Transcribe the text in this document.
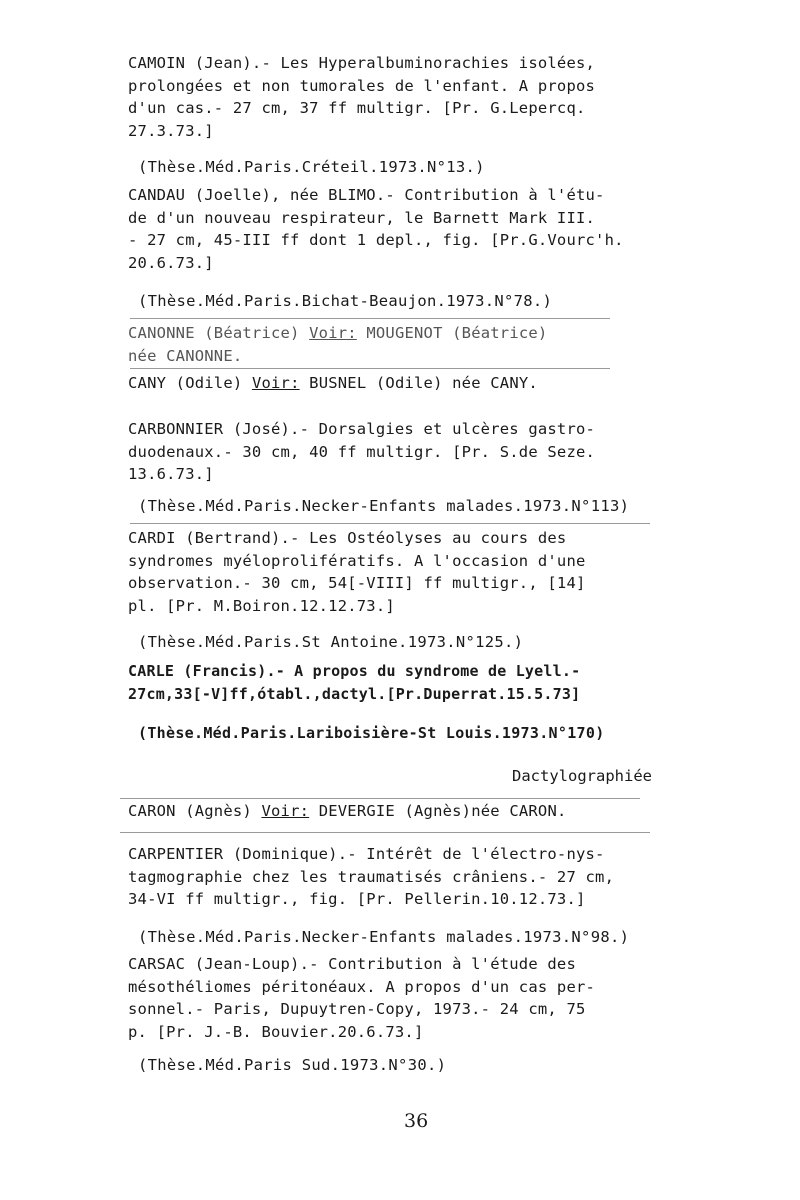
CAMOIN (Jean).- Les Hyperalbuminorachies isolées,
prolongées et non tumorales de l'enfant. A propos
d'un cas.- 27 cm, 37 ff multigr. [Pr. G.Lepercq.
27.3.73.]
(Thèse.Méd.Paris.Créteil.1973.N°13.)
CANDAU (Joelle), née BLIMO.- Contribution à l'étu-
de d'un nouveau respirateur, le Barnett Mark III.
- 27 cm, 45-III ff dont 1 depl., fig. [Pr.G.Vourc'h.
20.6.73.]
(Thèse.Méd.Paris.Bichat-Beaujon.1973.N°78.)
CANONNE (Béatrice) Voir: MOUGENOT (Béatrice)
née CANONNE.
CANY (Odile) Voir: BUSNEL (Odile) née CANY.
CARBONNIER (José).- Dorsalgies et ulcères gastro-
duodenaux.- 30 cm, 40 ff multigr. [Pr. S.de Seze.
13.6.73.]
(Thèse.Méd.Paris.Necker-Enfants malades.1973.N°113)
CARDI (Bertrand).- Les Ostéolyses au cours des
syndromes myéloprolifératifs. A l'occasion d'une
observation.- 30 cm, 54[-VIII] ff multigr., [14]
pl. [Pr. M.Boiron.12.12.73.]
(Thèse.Méd.Paris.St Antoine.1973.N°125.)
CARLE (Francis).- A propos du syndrome de Lyell.-
27cm,33[-V]ff,ótabl.,dactyl.[Pr.Duperrat.15.5.73]
(Thèse.Méd.Paris.Lariboisière-St Louis.1973.N°170)
Dactylographiée
CARON (Agnès) Voir: DEVERGIE (Agnès)née CARON.
CARPENTIER (Dominique).- Intérêt de l'électro-nys-
tagmographie chez les traumatisés crâniens.- 27 cm,
34-VI ff multigr., fig. [Pr. Pellerin.10.12.73.]
(Thèse.Méd.Paris.Necker-Enfants malades.1973.N°98.)
CARSAC (Jean-Loup).- Contribution à l'étude des
mésothéliomes péritonéaux. A propos d'un cas per-
sonnel.- Paris, Dupuytren-Copy, 1973.- 24 cm, 75
p. [Pr. J.-B. Bouvier.20.6.73.]
(Thèse.Méd.Paris Sud.1973.N°30.)
36
